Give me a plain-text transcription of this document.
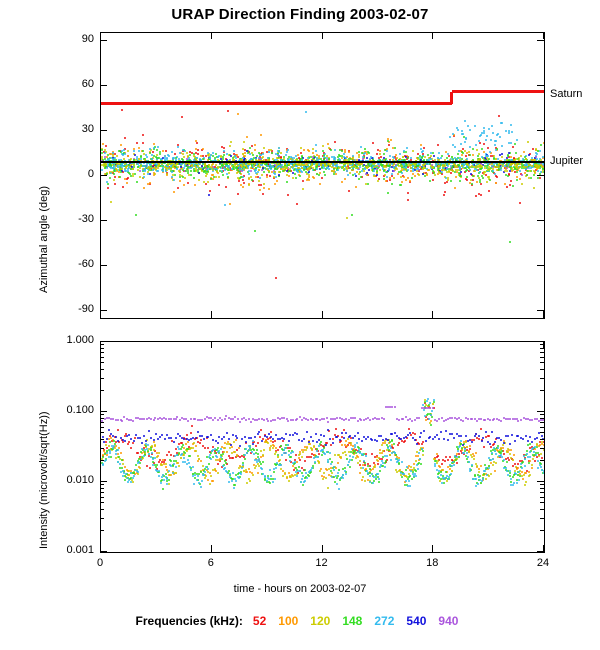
URAP Direction Finding 2003-02-07
-90
-60
-30
0
30
60
90
0.001
0.010
0.100
1.000
0	6	12	18	24
Azimuthal angle (deg)
Intensity (microvolt/sqrt(Hz))
Saturn
Jupiter
time - hours on 2003-02-07
Frequencies (kHz): 52 100 120 148 272 540 940
